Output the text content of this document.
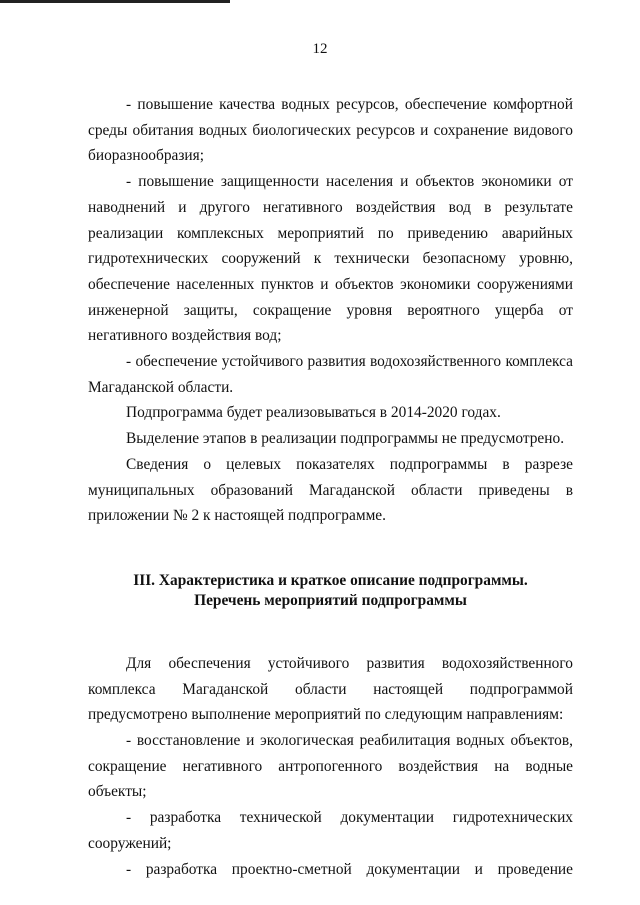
12

- повышение качества водных ресурсов, обеспечение комфортной среды обитания водных биологических ресурсов и сохранение видового биоразнообразия;

- повышение защищенности населения и объектов экономики от наводнений и другого негативного воздействия вод в результате реализации комплексных мероприятий по приведению аварийных гидротехнических сооружений к технически безопасному уровню, обеспечение населенных пунктов и объектов экономики сооружениями инженерной защиты, сокращение уровня вероятного ущерба от негативного воздействия вод;

- обеспечение устойчивого развития водохозяйственного комплекса Магаданской области.

Подпрограмма будет реализовываться в 2014-2020 годах.

Выделение этапов в реализации подпрограммы не предусмотрено.

Сведения о целевых показателях подпрограммы в разрезе муниципальных образований Магаданской области приведены в приложении № 2 к настоящей подпрограмме.

III. Характеристика и краткое описание подпрограммы.
Перечень мероприятий подпрограммы

Для обеспечения устойчивого развития водохозяйственного комплекса Магаданской области настоящей подпрограммой предусмотрено выполнение мероприятий по следующим направлениям:

- восстановление и экологическая реабилитация водных объектов, сокращение негативного антропогенного воздействия на водные объекты;

- разработка технической документации гидротехнических сооружений;

- разработка проектно-сметной документации и проведение
